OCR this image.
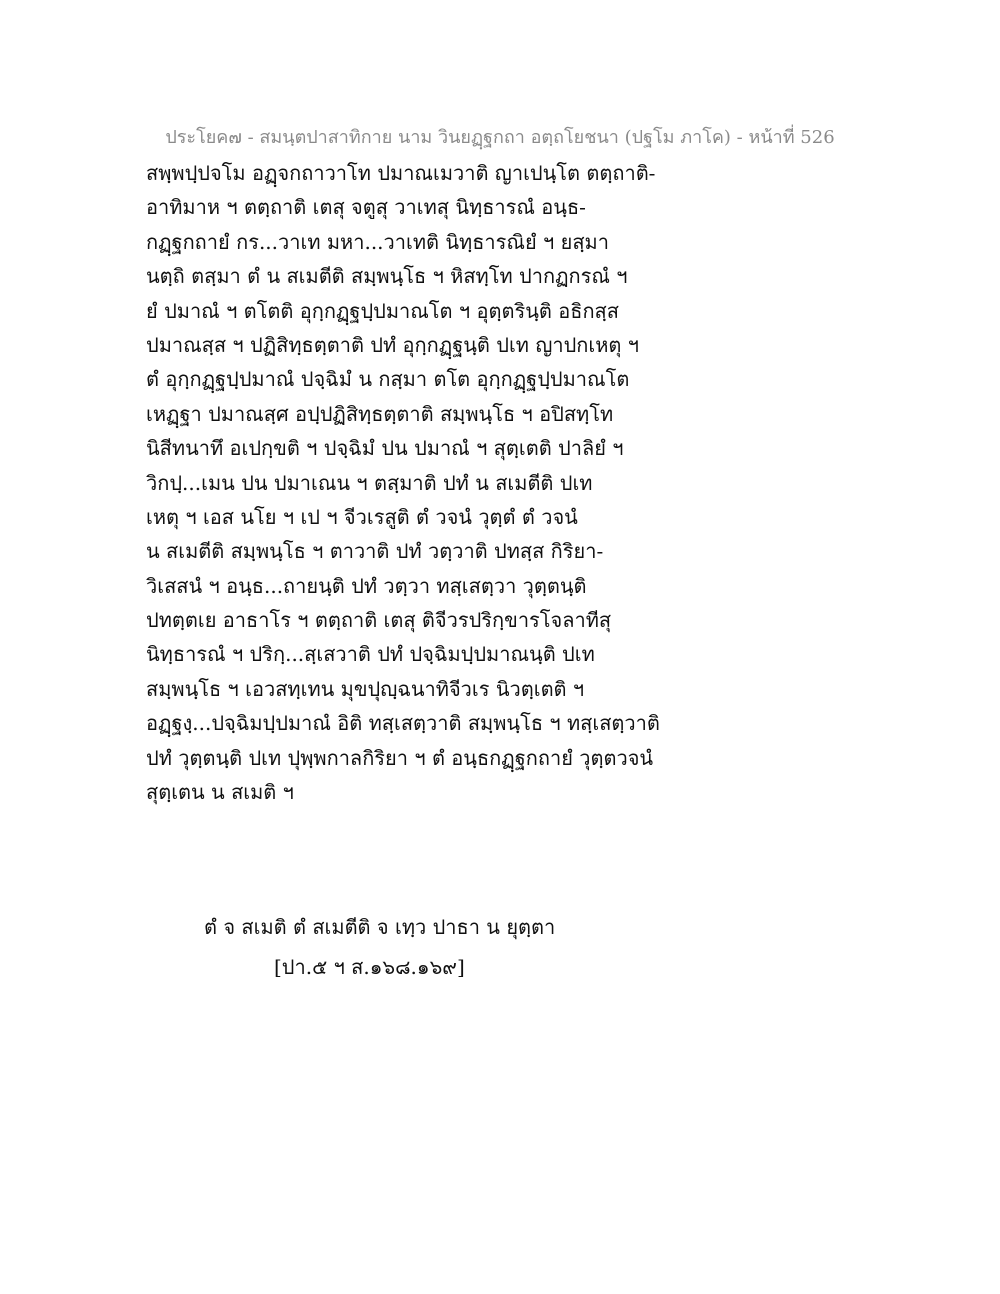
ประโยค๗ - สมนฺตปาสาทิกาย นาม วินยฏฺฐกถา อตฺถโยชนา (ปฐโม ภาโค) - หน้าที่ 526
สพฺพปฺปจโม อฏฺจกถาวาโท ปมาณเมวาติ ญาเปนฺโต ตตฺถาติ-
อาทิมาห ฯ ตตฺถาติ เตสุ จตูสุ วาเทสุ นิทฺธารณํ อนฺธ-
กฏฺฐกถายํ กร...วาเท มหา...วาเทติ นิทฺธารณิยํ ฯ ยสฺมา
นตฺถิ ตสฺมา ตํ น สเมตีติ สมฺพนฺโธ ฯ หิสทฺโท ปากฏกรณํ ฯ
ยํ ปมาณํ ฯ ตโตติ อุกฺกฏฺฐปฺปมาณโต ฯ อุตฺตรินฺติ อธิกสฺส
ปมาณสฺส ฯ ปฏิสิทฺธตฺตาติ ปทํ อุกฺกฏฺฐนฺติ ปเท ญาปกเหตุ ฯ
ตํ อุกฺกฏฺฐปฺปมาณํ ปจฺฉิมํ น กสฺมา ตโต อุกฺกฏฺฐปฺปมาณโต
เหฏฺฐา ปมาณสฺศ อปฺปฏิสิทฺธตฺตาติ สมฺพนฺโธ ฯ อปิสทฺโท
นิสีทนาทึ อเปกฺขติ ฯ ปจฺฉิมํ ปน ปมาณํ ฯ สุตฺเตติ ปาลิยํ ฯ
วิกปฺ...เมน ปน ปมาเณน ฯ ตสฺมาติ ปทํ น สเมตีติ ปเท
เหตุ ฯ เอส นโย ฯ เป ฯ จีวเรสูติ ตํ วจนํ วุตฺตํ ตํ วจนํ
น สเมตีติ สมฺพนฺโธ ฯ ตาวาติ ปทํ วตฺวาติ ปทสฺส กิริยา-
วิเสสนํ ฯ อนฺธ...ถายนฺติ ปทํ วตฺวา ทสฺเสตฺวา วุตฺตนฺติ
ปทตฺตเย อาธาโร ฯ ตตฺถาติ เตสุ ติจีวรปริกฺขารโจลาทีสุ
นิทฺธารณํ ฯ ปริกฺ...สฺเสวาติ ปทํ ปจฺฉิมปฺปมาณนฺติ ปเท
สมฺพนฺโธ ฯ เอวสทฺเทน มุขปุญฺฉนาทิจีวเร นิวตฺเตติ ฯ
อฏฺฐงฺ...ปจฺฉิมปฺปมาณํ อิติ ทสฺเสตฺวาติ สมฺพนฺโธ ฯ ทสฺเสตฺวาติ
ปทํ วุตฺตนฺติ ปเท ปุพฺพกาลกิริยา ฯ ตํ อนฺธกฏฺฐกถายํ วุตฺตวจนํ
สุตฺเตน น สเมติ ฯ
ตํ จ สเมติ ตํ สเมตีติ จ เทฺว ปาธา น ยุตฺตา
[ปา.๕ ฯ ส.๑๖๘.๑๖๙]
